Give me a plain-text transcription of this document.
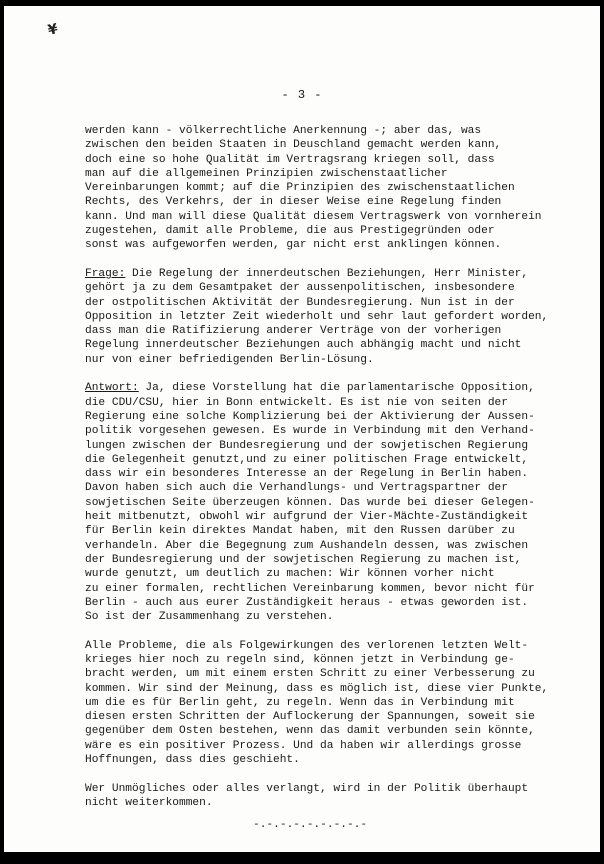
¥
- 3 -
werden kann - völkerrechtliche Anerkennung -; aber das, was
zwischen den beiden Staaten in Deuschland gemacht werden kann,
doch eine so hohe Qualität im Vertragsrang kriegen soll, dass
man auf die allgemeinen Prinzipien zwischenstaatlicher
Vereinbarungen kommt; auf die Prinzipien des zwischenstaatlichen
Rechts, des Verkehrs, der in dieser Weise eine Regelung finden
kann. Und man will diese Qualität diesem Vertragswerk von vornherein
zugestehen, damit alle Probleme, die aus Prestigegründen oder
sonst was aufgeworfen werden, gar nicht erst anklingen können.
Frage: Die Regelung der innerdeutschen Beziehungen, Herr Minister,
gehört ja zu dem Gesamtpaket der aussenpolitischen, insbesondere
der ostpolitischen Aktivität der Bundesregierung. Nun ist in der
Opposition in letzter Zeit wiederholt und sehr laut gefordert worden,
dass man die Ratifizierung anderer Verträge von der vorherigen
Regelung innerdeutscher Beziehungen auch abhängig macht und nicht
nur von einer befriedigenden Berlin-Lösung.
Antwort: Ja, diese Vorstellung hat die parlamentarische Opposition,
die CDU/CSU, hier in Bonn entwickelt. Es ist nie von seiten der
Regierung eine solche Komplizierung bei der Aktivierung der Aussen-
politik vorgesehen gewesen. Es wurde in Verbindung mit den Verhand-
lungen zwischen der Bundesregierung und der sowjetischen Regierung
die Gelegenheit genutzt,und zu einer politischen Frage entwickelt,
dass wir ein besonderes Interesse an der Regelung in Berlin haben.
Davon haben sich auch die Verhandlungs- und Vertragspartner der
sowjetischen Seite überzeugen können. Das wurde bei dieser Gelegen-
heit mitbenutzt, obwohl wir aufgrund der Vier-Mächte-Zuständigkeit
für Berlin kein direktes Mandat haben, mit den Russen darüber zu
verhandeln. Aber die Begegnung zum Aushandeln dessen, was zwischen
der Bundesregierung und der sowjetischen Regierung zu machen ist,
wurde genutzt, um deutlich zu machen: Wir können vorher nicht
zu einer formalen, rechtlichen Vereinbarung kommen, bevor nicht für
Berlin - auch aus eurer Zuständigkeit heraus - etwas geworden ist.
So ist der Zusammenhang zu verstehen.
Alle Probleme, die als Folgewirkungen des verlorenen letzten Welt-
krieges hier noch zu regeln sind, können jetzt in Verbindung ge-
bracht werden, um mit einem ersten Schritt zu einer Verbesserung zu
kommen. Wir sind der Meinung, dass es möglich ist, diese vier Punkte,
um die es für Berlin geht, zu regeln. Wenn das in Verbindung mit
diesen ersten Schritten der Auflockerung der Spannungen, soweit sie
gegenüber dem Osten bestehen, wenn das damit verbunden sein könnte,
wäre es ein positiver Prozess. Und da haben wir allerdings grosse
Hoffnungen, dass dies geschieht.
Wer Unmögliches oder alles verlangt, wird in der Politik überhaupt
nicht weiterkommen.
-.-.-.-.-.-.-.-.-
